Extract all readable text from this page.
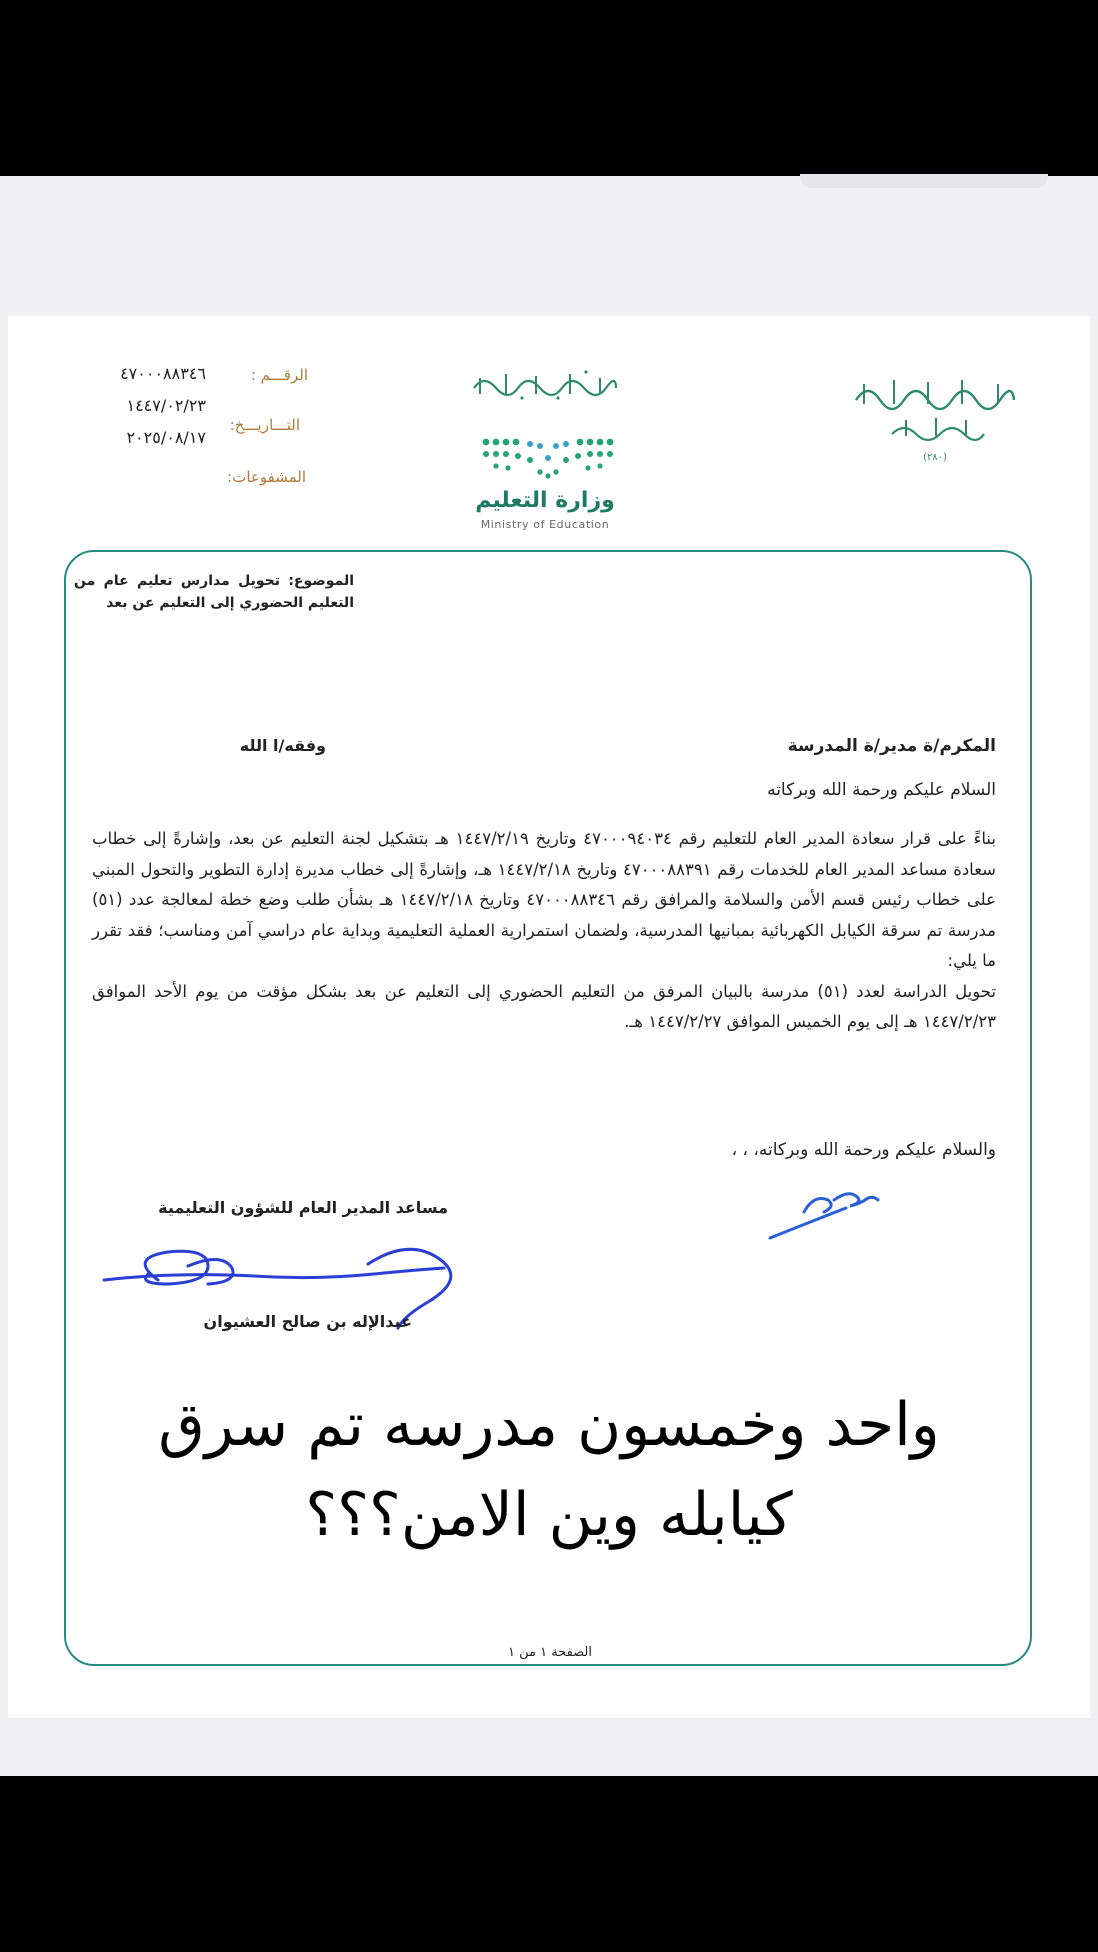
الرقـــم :
٤٧٠٠٠٨٨٣٤٦
التـــاريـــخ:
١٤٤٧/٠٢/٢٣
٢٠٢٥/٠٨/١٧
المشفوعات:
وزارة التعليم
Ministry of Education
(٢٨٠)
الموضوع: تحويل مدارس تعليم عام من التعليم الحضوري إلى التعليم عن بعد
المكرم/ة مدير/ة المدرسة
وفقه/ا الله
السلام عليكم ورحمة الله وبركاته

بناءً على قرار سعادة المدير العام للتعليم رقم ٤٧٠٠٠٩٤٠٣٤ وتاريخ ١٤٤٧/٢/١٩ هـ بتشكيل لجنة التعليم عن بعد، وإشارةً إلى خطاب سعادة مساعد المدير العام للخدمات رقم ٤٧٠٠٠٨٨٣٩١ وتاريخ ١٤٤٧/٢/١٨ هـ، وإشارةً إلى خطاب مديرة إدارة التطوير والتحول المبني على خطاب رئيس قسم الأمن والسلامة والمرافق رقم ٤٧٠٠٠٨٨٣٤٦ وتاريخ ١٤٤٧/٢/١٨ هـ بشأن طلب وضع خطة لمعالجة عدد (٥١) مدرسة تم سرقة الكيابل الكهربائية بمبانيها المدرسية، ولضمان استمرارية العملية التعليمية وبداية عام دراسي آمن ومناسب؛ فقد تقرر ما يلي:

تحويل الدراسة لعدد (٥١) مدرسة بالبيان المرفق من التعليم الحضوري إلى التعليم عن بعد بشكل مؤقت من يوم الأحد الموافق ١٤٤٧/٢/٢٣ هـ إلى يوم الخميس الموافق ١٤٤٧/٢/٢٧ هـ.

والسلام عليكم ورحمة الله وبركاته، ، ،
مساعد المدير العام للشؤون التعليمية
عبدالإله بن صالح العشيوان
واحد وخمسون مدرسه تم سرق
كيابله وين الامن؟؟؟
الصفحة ١ من ١
